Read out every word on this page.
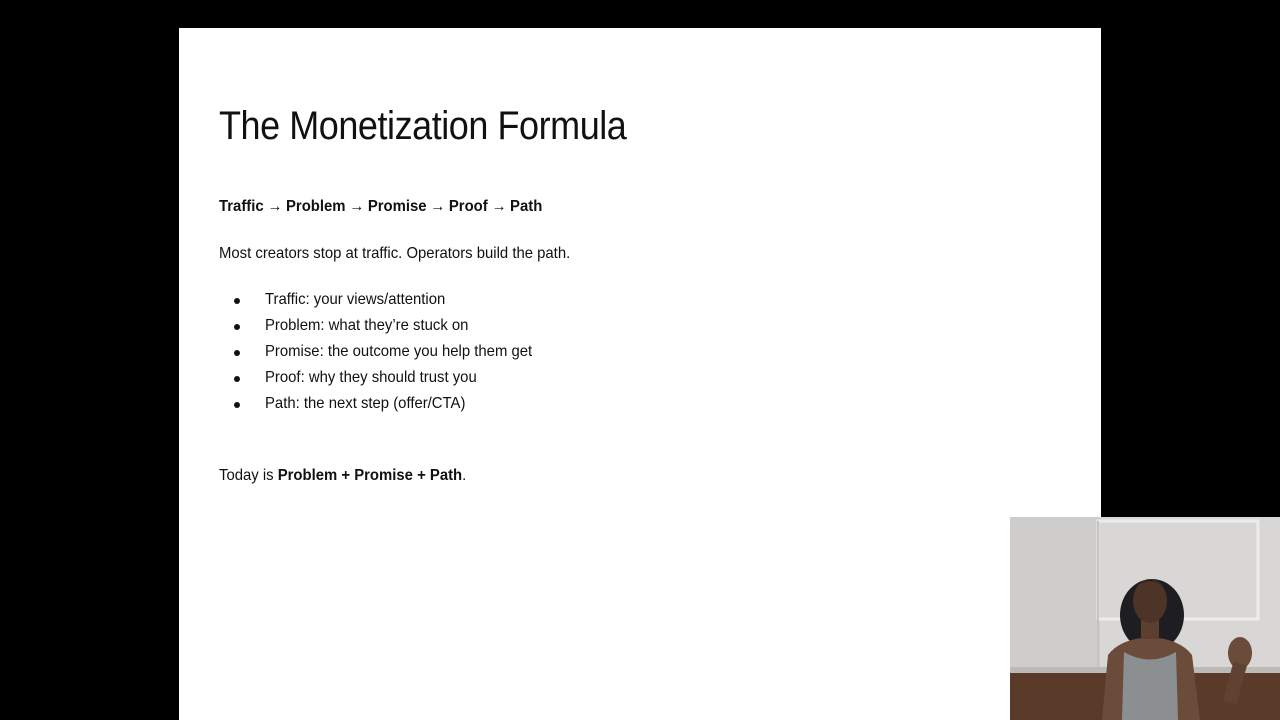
The Monetization Formula
Traffic → Problem → Promise → Proof → Path
Most creators stop at traffic. Operators build the path.
Traffic: your views/attention
Problem: what they’re stuck on
Promise: the outcome you help them get
Proof: why they should trust you
Path: the next step (offer/CTA)
Today is Problem + Promise + Path.
